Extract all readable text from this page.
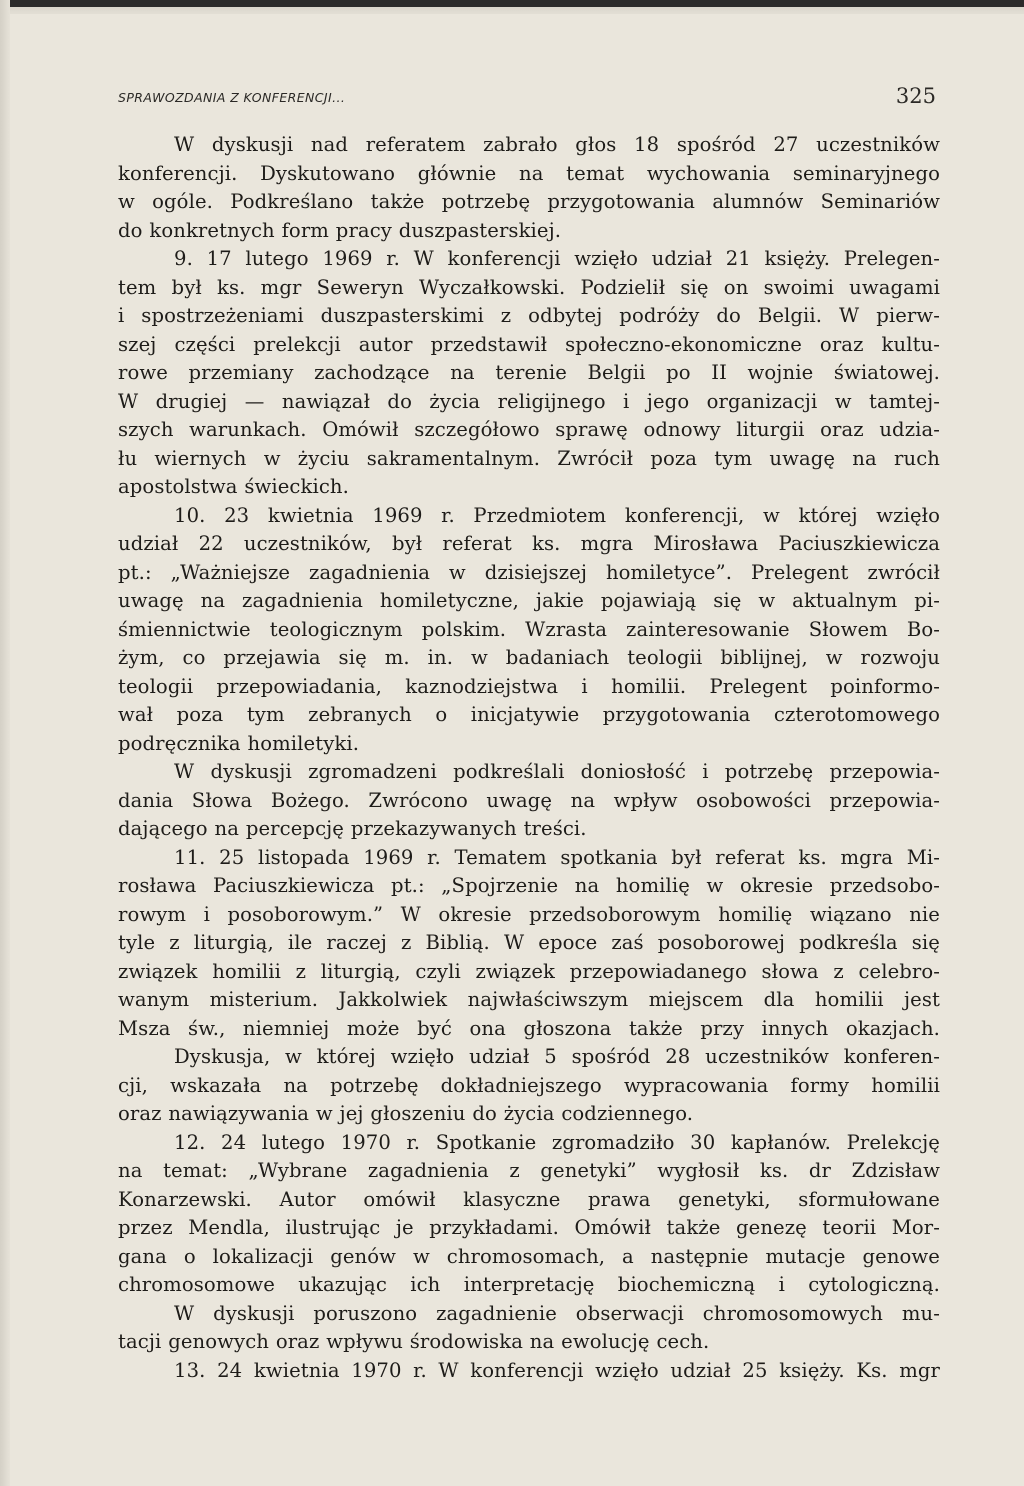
SPRAWOZDANIA Z KONFERENCJI...	325
W dyskusji nad referatem zabrało głos 18 spośród 27 uczestników
konferencji. Dyskutowano głównie na temat wychowania seminaryjnego
w ogóle. Podkreślano także potrzebę przygotowania alumnów Seminariów
do konkretnych form pracy duszpasterskiej.
9. 17 lutego 1969 r. W konferencji wzięło udział 21 księży. Prelegen-
tem był ks. mgr Seweryn Wyczałkowski. Podzielił się on swoimi uwagami
i spostrzeżeniami duszpasterskimi z odbytej podróży do Belgii. W pierw-
szej części prelekcji autor przedstawił społeczno-ekonomiczne oraz kultu-
rowe przemiany zachodzące na terenie Belgii po II wojnie światowej.
W drugiej — nawiązał do życia religijnego i jego organizacji w tamtej-
szych warunkach. Omówił szczegółowo sprawę odnowy liturgii oraz udzia-
łu wiernych w życiu sakramentalnym. Zwrócił poza tym uwagę na ruch
apostolstwa świeckich.
10. 23 kwietnia 1969 r. Przedmiotem konferencji, w której wzięło
udział 22 uczestników, był referat ks. mgra Mirosława Paciuszkiewicza
pt.: „Ważniejsze zagadnienia w dzisiejszej homiletyce”. Prelegent zwrócił
uwagę na zagadnienia homiletyczne, jakie pojawiają się w aktualnym pi-
śmiennictwie teologicznym polskim. Wzrasta zainteresowanie Słowem Bo-
żym, co przejawia się m. in. w badaniach teologii biblijnej, w rozwoju
teologii przepowiadania, kaznodziejstwa i homilii. Prelegent poinformo-
wał poza tym zebranych o inicjatywie przygotowania czterotomowego
podręcznika homiletyki.
W dyskusji zgromadzeni podkreślali doniosłość i potrzebę przepowia-
dania Słowa Bożego. Zwrócono uwagę na wpływ osobowości przepowia-
dającego na percepcję przekazywanych treści.
11. 25 listopada 1969 r. Tematem spotkania był referat ks. mgra Mi-
rosława Paciuszkiewicza pt.: „Spojrzenie na homilię w okresie przedsobo-
rowym i posoborowym.” W okresie przedsoborowym homilię wiązano nie
tyle z liturgią, ile raczej z Biblią. W epoce zaś posoborowej podkreśla się
związek homilii z liturgią, czyli związek przepowiadanego słowa z celebro-
wanym misterium. Jakkolwiek najwłaściwszym miejscem dla homilii jest
Msza św., niemniej może być ona głoszona także przy innych okazjach.
Dyskusja, w której wzięło udział 5 spośród 28 uczestników konferen-
cji, wskazała na potrzebę dokładniejszego wypracowania formy homilii
oraz nawiązywania w jej głoszeniu do życia codziennego.
12. 24 lutego 1970 r. Spotkanie zgromadziło 30 kapłanów. Prelekcję
na temat: „Wybrane zagadnienia z genetyki” wygłosił ks. dr Zdzisław
Konarzewski. Autor omówił klasyczne prawa genetyki, sformułowane
przez Mendla, ilustrując je przykładami. Omówił także genezę teorii Mor-
gana o lokalizacji genów w chromosomach, a następnie mutacje genowe
chromosomowe ukazując ich interpretację biochemiczną i cytologiczną.
W dyskusji poruszono zagadnienie obserwacji chromosomowych mu-
tacji genowych oraz wpływu środowiska na ewolucję cech.
13. 24 kwietnia 1970 r. W konferencji wzięło udział 25 księży. Ks. mgr
